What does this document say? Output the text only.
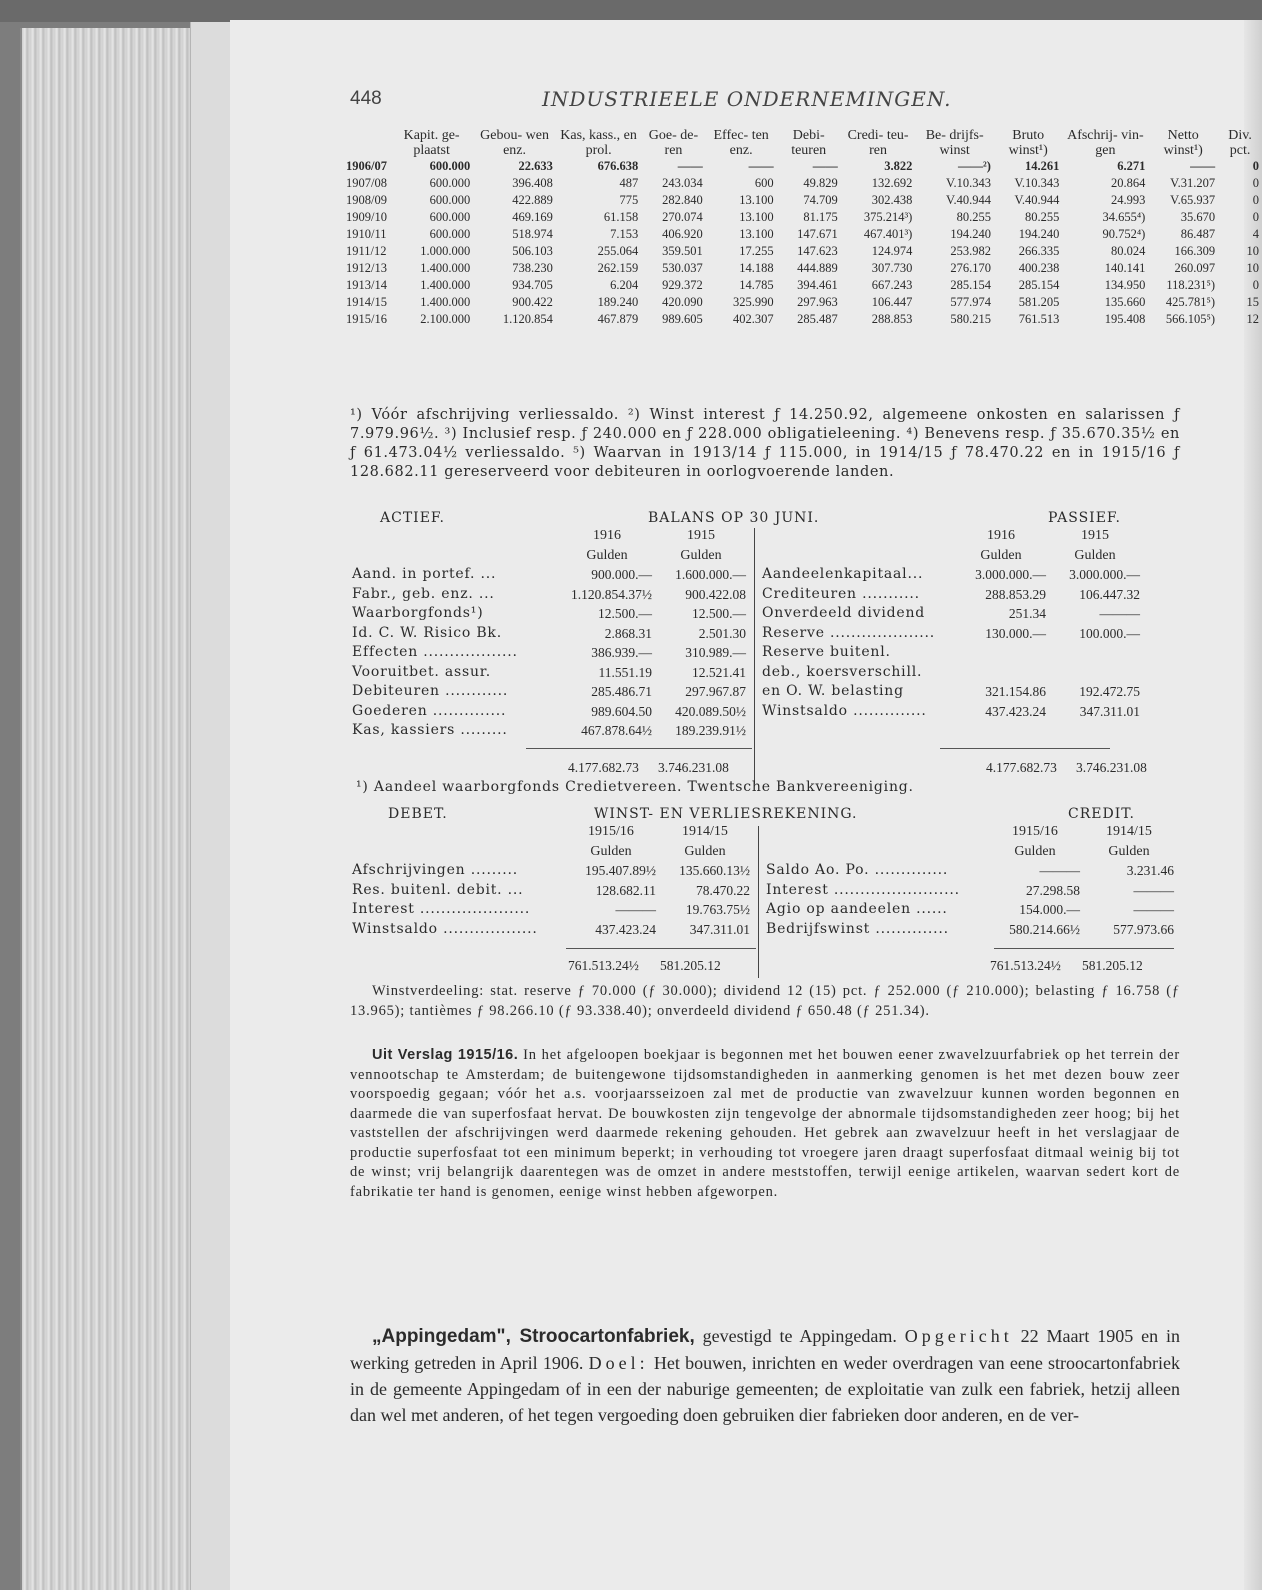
448	INDUSTRIEELE ONDERNEMINGEN.
	Kapit. ge- plaatst	Gebou- wen enz.	Kas, kass., en prol.	Goe- de- ren	Effec- ten enz.	Debi- teuren	Credi- teu- ren	Be- drijfs- winst	Bruto winst¹)	Afschrij- vin- gen	Netto winst¹)	Div. pct.
1906/07	600.000	22.633	676.638	——	——	——	3.822	——²)	14.261	6.271	——	0
1907/08	600.000	396.408	487	243.034	600	49.829	132.692	V.10.343	V.10.343	20.864	V.31.207	0
1908/09	600.000	422.889	775	282.840	13.100	74.709	302.438	V.40.944	V.40.944	24.993	V.65.937	0
1909/10	600.000	469.169	61.158	270.074	13.100	81.175	375.214³)	80.255	80.255	34.655⁴)	35.670	0
1910/11	600.000	518.974	7.153	406.920	13.100	147.671	467.401³)	194.240	194.240	90.752⁴)	86.487	4
1911/12	1.000.000	506.103	255.064	359.501	17.255	147.623	124.974	253.982	266.335	80.024	166.309	10
1912/13	1.400.000	738.230	262.159	530.037	14.188	444.889	307.730	276.170	400.238	140.141	260.097	10
1913/14	1.400.000	934.705	6.204	929.372	14.785	394.461	667.243	285.154	285.154	134.950	118.231⁵)	0
1914/15	1.400.000	900.422	189.240	420.090	325.990	297.963	106.447	577.974	581.205	135.660	425.781⁵)	15
1915/16	2.100.000	1.120.854	467.879	989.605	402.307	285.487	288.853	580.215	761.513	195.408	566.105⁵)	12
¹) Vóór afschrijving verliessaldo. ²) Winst interest ƒ 14.250.92, algemeene onkosten en salarissen ƒ 7.979.96½. ³) Inclusief resp. ƒ 240.000 en ƒ 228.000 obligatieleening. ⁴) Benevens resp. ƒ 35.670.35½ en ƒ 61.473.04½ verliessaldo. ⁵) Waarvan in 1913/14 ƒ 115.000, in 1914/15 ƒ 78.470.22 en in 1915/16 ƒ 128.682.11 gereserveerd voor debiteuren in oorlogvoerende landen.
ACTIEF.	BALANS OP 30 JUNI.	PASSIEF.
	1916	1915
	Gulden	Gulden
Aand. in portef. ...	900.000.—	1.600.000.—
Fabr., geb. enz. ...	1.120.854.37½	900.422.08
Waarborgfonds¹)	12.500.—	12.500.—
Id. C. W. Risico Bk.	2.868.31	2.501.30
Effecten ..................	386.939.—	310.989.—
Vooruitbet. assur.	11.551.19	12.521.41
Debiteuren ............	285.486.71	297.967.87
Goederen ..............	989.604.50	420.089.50½
Kas, kassiers .........	467.878.64½	189.239.91½
	1916	1915
	Gulden	Gulden
Aandeelenkapitaal...	3.000.000.—	3.000.000.—
Crediteuren ...........	288.853.29	106.447.32
Onverdeeld dividend	251.34	———
Reserve ....................	130.000.—	100.000.—
Reserve buitenl.		
deb., koersverschill.		
en O. W. belasting	321.154.86	192.472.75
Winstsaldo ..............	437.423.24	347.311.01
4.177.682.73 3.746.231.08	4.177.682.73 3.746.231.08
¹) Aandeel waarborgfonds Credietvereen. Twentsche Bankvereeniging.
DEBET.	WINST- EN VERLIESREKENING.	CREDIT.
	1915/16	1914/15
	Gulden	Gulden
Afschrijvingen .........	195.407.89½	135.660.13½
Res. buitenl. debit. ...	128.682.11	78.470.22
Interest .....................	———	19.763.75½
Winstsaldo ..................	437.423.24	347.311.01
	1915/16	1914/15
	Gulden	Gulden
Saldo Ao. Po. ..............	———	3.231.46
Interest ........................	27.298.58	———
Agio op aandeelen ......	154.000.—	———
Bedrijfswinst ..............	580.214.66½	577.973.66
761.513.24½ 581.205.12	761.513.24½ 581.205.12
Winstverdeeling: stat. reserve ƒ 70.000 (ƒ 30.000); dividend 12 (15) pct. ƒ 252.000 (ƒ 210.000); belasting ƒ 16.758 (ƒ 13.965); tantièmes ƒ 98.266.10 (ƒ 93.338.40); onverdeeld dividend ƒ 650.48 (ƒ 251.34).
Uit Verslag 1915/16. In het afgeloopen boekjaar is begonnen met het bouwen eener zwavelzuurfabriek op het terrein der vennootschap te Amsterdam; de buitengewone tijdsomstandigheden in aanmerking genomen is het met dezen bouw zeer voorspoedig gegaan; vóór het a.s. voorjaarsseizoen zal met de productie van zwavelzuur kunnen worden begonnen en daarmede die van superfosfaat hervat. De bouwkosten zijn tengevolge der abnormale tijdsomstandigheden zeer hoog; bij het vaststellen der afschrijvingen werd daarmede rekening gehouden. Het gebrek aan zwavelzuur heeft in het verslagjaar de productie superfosfaat tot een minimum beperkt; in verhouding tot vroegere jaren draagt superfosfaat ditmaal weinig bij tot de winst; vrij belangrijk daarentegen was de omzet in andere meststoffen, terwijl eenige artikelen, waarvan sedert kort de fabrikatie ter hand is genomen, eenige winst hebben afgeworpen.
„Appingedam", Stroocartonfabriek, gevestigd te Appingedam. Opgericht 22 Maart 1905 en in werking getreden in April 1906. Doel: Het bouwen, inrichten en weder overdragen van eene stroocartonfabriek in de gemeente Appingedam of in een der naburige gemeenten; de exploitatie van zulk een fabriek, hetzij alleen dan wel met anderen, of het tegen vergoeding doen gebruiken dier fabrieken door anderen, en de ver-
